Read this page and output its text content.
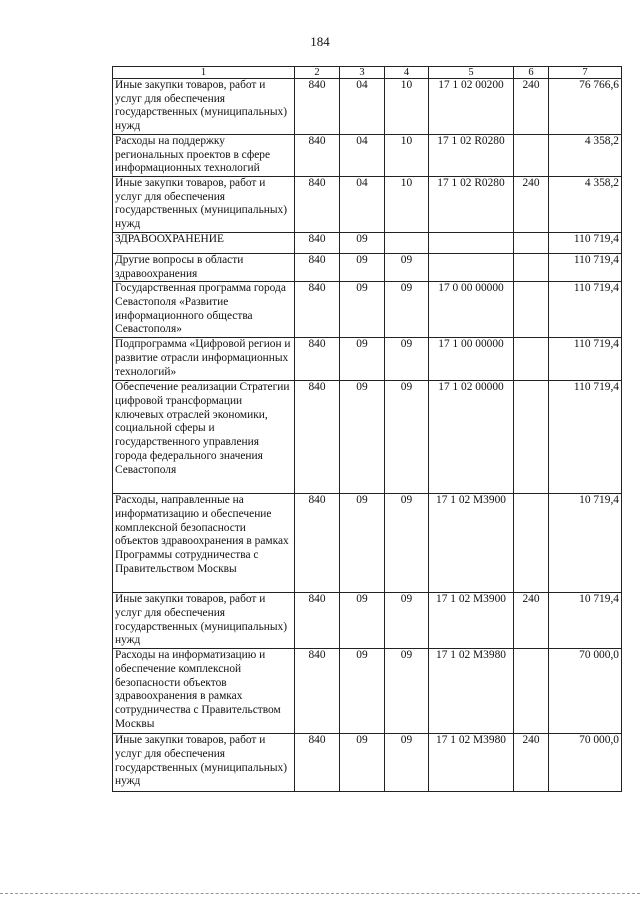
184
1	2	3	4	5	6	7
Иные закупки товаров, работ и услуг для обеспечения государственных (муниципальных) нужд	840	04	10	17 1 02 00200	240	76 766,6
Расходы на поддержку региональных проектов в сфере информационных технологий	840	04	10	17 1 02 R0280		4 358,2
Иные закупки товаров, работ и услуг для обеспечения государственных (муниципальных) нужд	840	04	10	17 1 02 R0280	240	4 358,2
ЗДРАВООХРАНЕНИЕ	840	09				110 719,4
Другие вопросы в области здравоохранения	840	09	09			110 719,4
Государственная программа города Севастополя «Развитие информационного общества Севастополя»	840	09	09	17 0 00 00000		110 719,4
Подпрограмма «Цифровой регион и развитие отрасли информационных технологий»	840	09	09	17 1 00 00000		110 719,4
Обеспечение реализации Стратегии цифровой трансформации ключевых отраслей экономики, социальной сферы и государственного управления города федерального значения Севастополя	840	09	09	17 1 02 00000		110 719,4
Расходы, направленные на информатизацию и обеспечение комплексной безопасности объектов здравоохранения в рамках Программы сотрудничества с Правительством Москвы	840	09	09	17 1 02 M3900		10 719,4
Иные закупки товаров, работ и услуг для обеспечения государственных (муниципальных) нужд	840	09	09	17 1 02 M3900	240	10 719,4
Расходы на информатизацию и обеспечение комплексной безопасности объектов здравоохранения в рамках сотрудничества с Правительством Москвы	840	09	09	17 1 02 M3980		70 000,0
Иные закупки товаров, работ и услуг для обеспечения государственных (муниципальных) нужд	840	09	09	17 1 02 M3980	240	70 000,0
